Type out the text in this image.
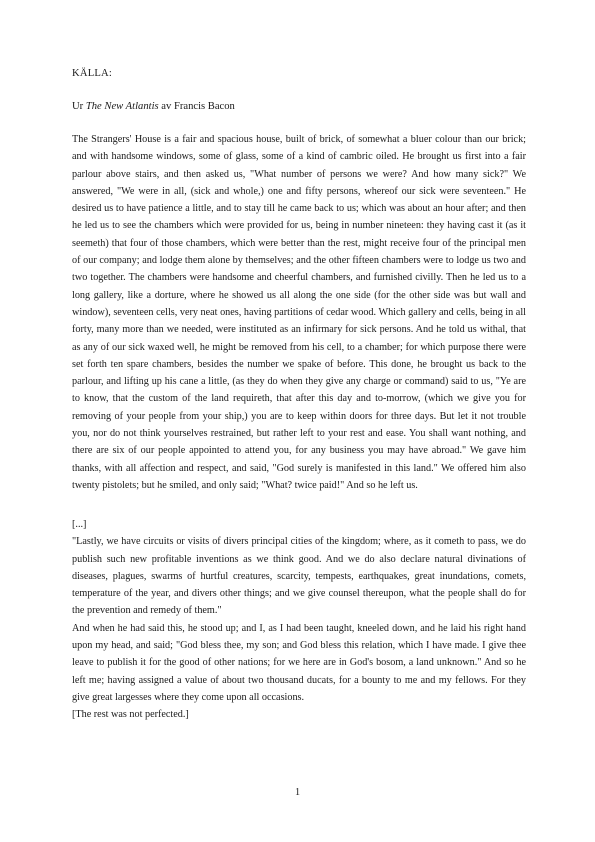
KÄLLA:
Ur The New Atlantis av Francis Bacon
The Strangers' House is a fair and spacious house, built of brick, of somewhat a bluer colour than our brick; and with handsome windows, some of glass, some of a kind of cambric oiled. He brought us first into a fair parlour above stairs, and then asked us, "What number of persons we were? And how many sick?" We answered, "We were in all, (sick and whole,) one and fifty persons, whereof our sick were seventeen." He desired us to have patience a little, and to stay till he came back to us; which was about an hour after; and then he led us to see the chambers which were provided for us, being in number nineteen: they having cast it (as it seemeth) that four of those chambers, which were better than the rest, might receive four of the principal men of our company; and lodge them alone by themselves; and the other fifteen chambers were to lodge us two and two together. The chambers were handsome and cheerful chambers, and furnished civilly. Then he led us to a long gallery, like a dorture, where he showed us all along the one side (for the other side was but wall and window), seventeen cells, very neat ones, having partitions of cedar wood. Which gallery and cells, being in all forty, many more than we needed, were instituted as an infirmary for sick persons. And he told us withal, that as any of our sick waxed well, he might be removed from his cell, to a chamber; for which purpose there were set forth ten spare chambers, besides the number we spake of before. This done, he brought us back to the parlour, and lifting up his cane a little, (as they do when they give any charge or command) said to us, "Ye are to know, that the custom of the land requireth, that after this day and to-morrow, (which we give you for removing of your people from your ship,) you are to keep within doors for three days. But let it not trouble you, nor do not think yourselves restrained, but rather left to your rest and ease. You shall want nothing, and there are six of our people appointed to attend you, for any business you may have abroad." We gave him thanks, with all affection and respect, and said, "God surely is manifested in this land." We offered him also twenty pistolets; but he smiled, and only said; "What? twice paid!" And so he left us.
[...]
"Lastly, we have circuits or visits of divers principal cities of the kingdom; where, as it cometh to pass, we do publish such new profitable inventions as we think good. And we do also declare natural divinations of diseases, plagues, swarms of hurtful creatures, scarcity, tempests, earthquakes, great inundations, comets, temperature of the year, and divers other things; and we give counsel thereupon, what the people shall do for the prevention and remedy of them."
And when he had said this, he stood up; and I, as I had been taught, kneeled down, and he laid his right hand upon my head, and said; "God bless thee, my son; and God bless this relation, which I have made. I give thee leave to publish it for the good of other nations; for we here are in God's bosom, a land unknown." And so he left me; having assigned a value of about two thousand ducats, for a bounty to me and my fellows. For they give great largesses where they come upon all occasions.
[The rest was not perfected.]
1
